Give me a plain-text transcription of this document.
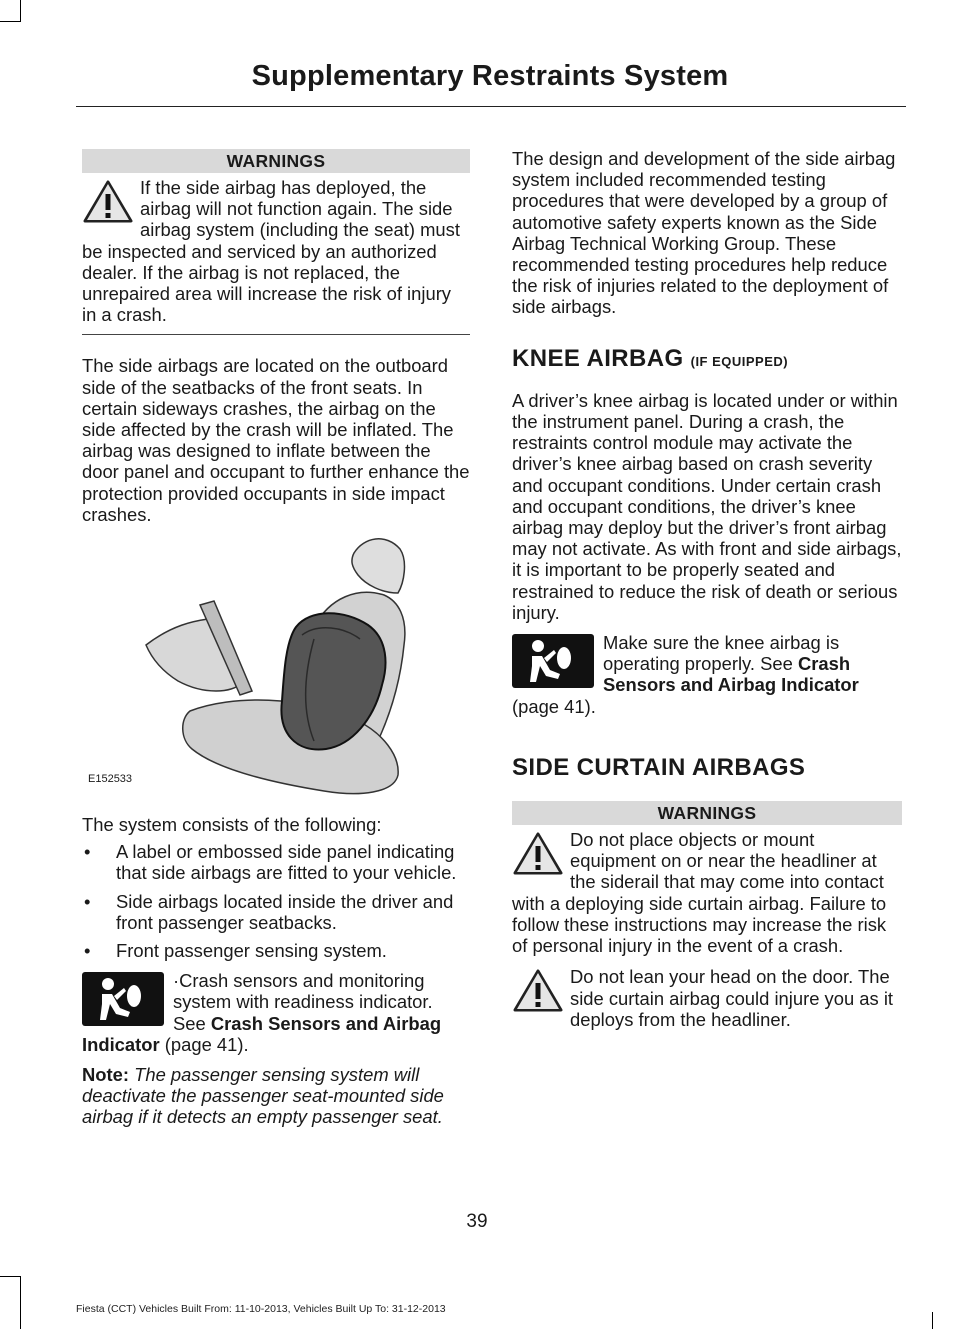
Supplementary Restraints System
WARNINGS

If the side airbag has deployed, the airbag will not function again. The side airbag system (including the seat) must be inspected and serviced by an authorized dealer. If the airbag is not replaced, the unrepaired area will increase the risk of injury in a crash.

The side airbags are located on the outboard side of the seatbacks of the front seats. In certain sideways crashes, the airbag on the side affected by the crash will be inflated. The airbag was designed to inflate between the door panel and occupant to further enhance the protection provided occupants in side impact crashes.

E152533

The system consists of the following:

• A label or embossed side panel indicating that side airbags are fitted to your vehicle.
• Side airbags located inside the driver and front passenger seatbacks.
• Front passenger sensing system.

·Crash sensors and monitoring system with readiness indicator. See Crash Sensors and Airbag Indicator (page 41).

Note: The passenger sensing system will deactivate the passenger seat-mounted side airbag if it detects an empty passenger seat.

The design and development of the side airbag system included recommended testing procedures that were developed by a group of automotive safety experts known as the Side Airbag Technical Working Group. These recommended testing procedures help reduce the risk of injuries related to the deployment of side airbags.

KNEE AIRBAG (IF EQUIPPED)

A driver’s knee airbag is located under or within the instrument panel. During a crash, the restraints control module may activate the driver’s knee airbag based on crash severity and occupant conditions. Under certain crash and occupant conditions, the driver’s knee airbag may deploy but the driver’s front airbag may not activate. As with front and side airbags, it is important to be properly seated and restrained to reduce the risk of death or serious injury.

Make sure the knee airbag is operating properly. See Crash Sensors and Airbag Indicator (page 41).

SIDE CURTAIN AIRBAGS
WARNINGS

Do not place objects or mount equipment on or near the headliner at the siderail that may come into contact with a deploying side curtain airbag. Failure to follow these instructions may increase the risk of personal injury in the event of a crash.

Do not lean your head on the door. The side curtain airbag could injure you as it deploys from the headliner.

39
Fiesta (CCT) Vehicles Built From: 11-10-2013, Vehicles Built Up To: 31-12-2013
